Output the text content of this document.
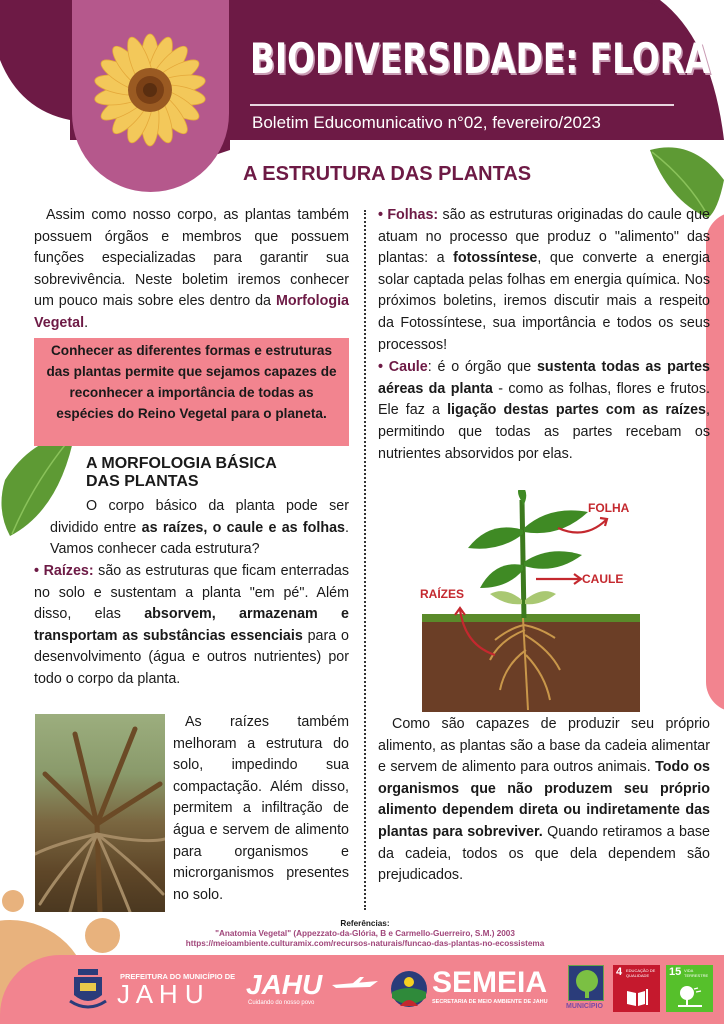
BIODIVERSIDADE: FLORA
Boletim Educomunicativo n°02, fevereiro/2023
A ESTRUTURA DAS PLANTAS

Assim como nosso corpo, as plantas também possuem órgãos e membros que possuem funções especializadas para garantir sua sobrevivência. Neste boletim iremos conhecer um pouco mais sobre eles dentro da Morfologia Vegetal.

Conhecer as diferentes formas e estruturas das plantas permite que sejamos capazes de reconhecer a importância de todas as espécies do Reino Vegetal para o planeta.
A MORFOLOGIA BÁSICA
DAS PLANTAS

O corpo básico da planta pode ser dividido entre as raízes, o caule e as folhas. Vamos conhecer cada estrutura?

• Raízes: são as estruturas que ficam enterradas no solo e sustentam a planta "em pé". Além disso, elas absorvem, armazenam e transportam as substâncias essenciais para o desenvolvimento (água e outros nutrientes) por todo o corpo da planta.

As raízes também melhoram a estrutura do solo, impedindo sua compactação. Além disso, permitem a infiltração de água e servem de alimento para organismos e microrganismos presentes no solo.

• Folhas: são as estruturas originadas do caule que atuam no processo que produz o "alimento" das plantas: a fotossíntese, que converte a energia solar captada pelas folhas em energia química. Nos próximos boletins, iremos discutir mais a respeito da Fotossíntese, sua importância e todos os seus processos!

• Caule: é o órgão que sustenta todas as partes aéreas da planta - como as folhas, flores e frutos. Ele faz a ligação destas partes com as raízes, permitindo que todas as partes recebam os nutrientes absorvidos por elas.

FOLHA
CAULE
RAÍZES

Como são capazes de produzir seu próprio alimento, as plantas são a base da cadeia alimentar e servem de alimento para outros animais. Todo os organismos que não produzem seu próprio alimento dependem direta ou indiretamente das plantas para sobreviver. Quando retiramos a base da cadeia, todos os que dela dependem são prejudicados.

Referências:
"Anatomia Vegetal" (Appezzato-da-Glória, B e Carmello-Guerreiro, S.M.) 2003
https://meioambiente.culturamix.com/recursos-naturais/funcao-das-plantas-no-ecossistema
PREFEITURA DO MUNICÍPIO DE
J A H U JAHU
Cuidando do nosso povo
SEMEIA
SECRETARIA DE MEIO AMBIENTE DE JAHU
MUNICÍPIO
4 EDUCAÇÃO DE QUALIDADE	15 VIDA TERRESTRE
